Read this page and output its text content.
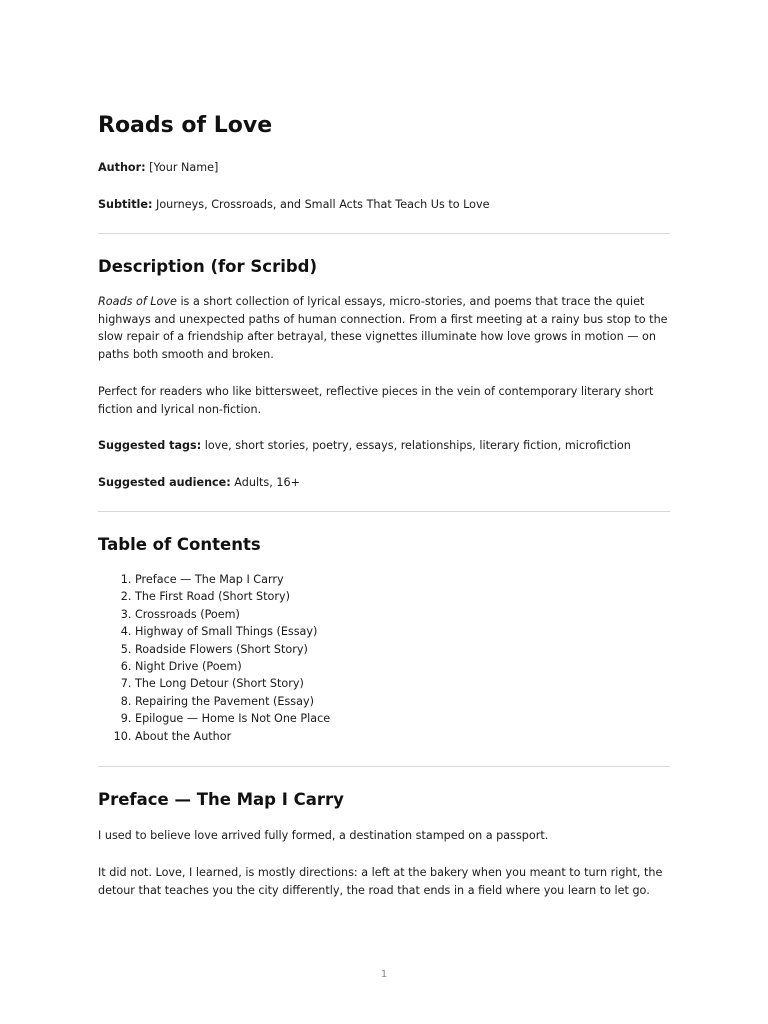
Roads of Love
Author: [Your Name]
Subtitle: Journeys, Crossroads, and Small Acts That Teach Us to Love
Description (for Scribd)

Roads of Love is a short collection of lyrical essays, micro-stories, and poems that trace the quiet highways and unexpected paths of human connection. From a first meeting at a rainy bus stop to the slow repair of a friendship after betrayal, these vignettes illuminate how love grows in motion — on paths both smooth and broken.

Perfect for readers who like bittersweet, reflective pieces in the vein of contemporary literary short fiction and lyrical non-fiction.

Suggested tags: love, short stories, poetry, essays, relationships, literary fiction, microfiction

Suggested audience: Adults, 16+

Table of Contents
1. Preface — The Map I Carry
2. The First Road (Short Story)
3. Crossroads (Poem)
4. Highway of Small Things (Essay)
5. Roadside Flowers (Short Story)
6. Night Drive (Poem)
7. The Long Detour (Short Story)
8. Repairing the Pavement (Essay)
9. Epilogue — Home Is Not One Place
10. About the Author
Preface — The Map I Carry

I used to believe love arrived fully formed, a destination stamped on a passport.

It did not. Love, I learned, is mostly directions: a left at the bakery when you meant to turn right, the detour that teaches you the city differently, the road that ends in a field where you learn to let go.

1
